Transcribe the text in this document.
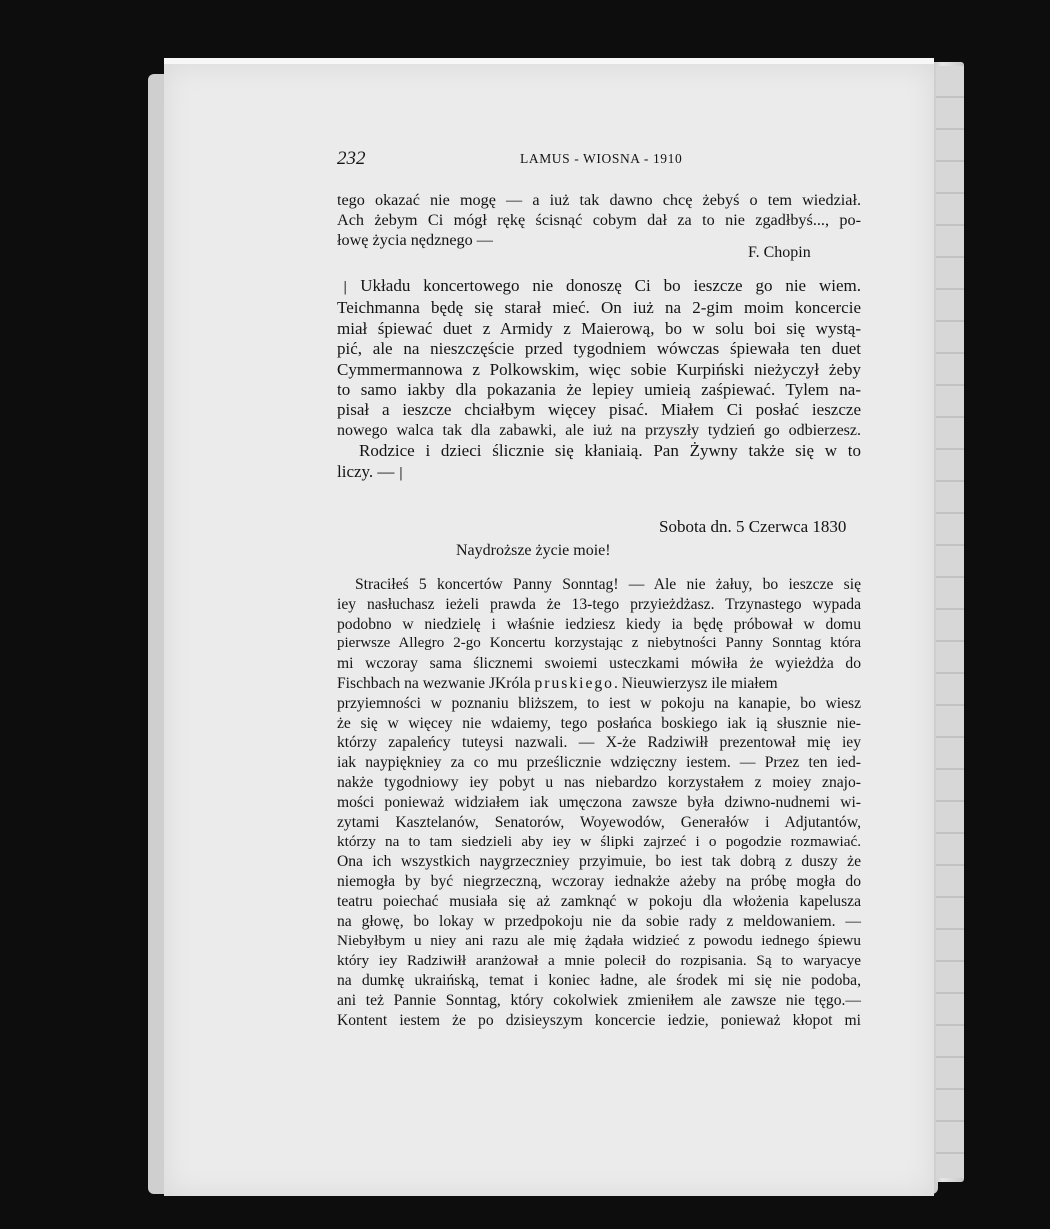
232	LAMUS - WIOSNA - 1910
tego okazać nie mogę — a iuż tak dawno chcę żebyś o tem wiedział.
Ach żebym Ci mógł rękę ścisnąć cobym dał za to nie zgadłbyś..., po-
łowę życia nędznego —
F. Chopin
| Układu koncertowego nie donoszę Ci bo ieszcze go nie wiem.
Teichmanna będę się starał mieć. On iuż na 2-gim moim koncercie
miał śpiewać duet z Armidy z Maierową, bo w solu boi się wystą-
pić, ale na nieszczęście przed tygodniem wówczas śpiewała ten duet
Cymmermannowa z Polkowskim, więc sobie Kurpiński nieżyczył żeby
to samo iakby dla pokazania że lepiey umieią zaśpiewać. Tylem na-
pisał a ieszcze chciałbym więcey pisać. Miałem Ci posłać ieszcze
nowego walca tak dla zabawki, ale iuż na przyszły tydzień go odbierzesz.
Rodzice i dzieci ślicznie się kłaniaią. Pan Żywny także się w to
liczy. — |
Sobota dn. 5 Czerwca 1830
Naydroższe życie moie!
Straciłeś 5 koncertów Panny Sonntag! — Ale nie żałuy, bo ieszcze się
iey nasłuchasz ieżeli prawda że 13-tego przyieżdżasz. Trzynastego wypada
podobno w niedzielę i właśnie iedziesz kiedy ia będę próbował w domu
pierwsze Allegro 2-go Koncertu korzystając z niebytności Panny Sonntag która
mi wczoray sama ślicznemi swoiemi usteczkami mówiła że wyieżdża do
Fischbach na wezwanie JKróla pruskiego. Nieuwierzysz ile miałem
przyiemności w poznaniu bliższem, to iest w pokoju na kanapie, bo wiesz
że się w więcey nie wdaiemy, tego posłańca boskiego iak ią słusznie nie-
którzy zapaleńcy tuteysi nazwali. — X-że Radziwiłł prezentował mię iey
iak naypiękniey za co mu prześlicznie wdzięczny iestem. — Przez ten ied-
nakże tygodniowy iey pobyt u nas niebardzo korzystałem z moiey znajo-
mości ponieważ widziałem iak umęczona zawsze była dziwno-nudnemi wi-
zytami Kasztelanów, Senatorów, Woyewodów, Generałów i Adjutantów,
którzy na to tam siedzieli aby iey w ślipki zajrzeć i o pogodzie rozmawiać.
Ona ich wszystkich naygrzeczniey przyimuie, bo iest tak dobrą z duszy że
niemogła by być niegrzeczną, wczoray iednakże ażeby na próbę mogła do
teatru poiechać musiała się aż zamknąć w pokoju dla włożenia kapelusza
na głowę, bo lokay w przedpokoju nie da sobie rady z meldowaniem. —
Niebyłbym u niey ani razu ale mię żądała widzieć z powodu iednego śpiewu
który iey Radziwiłł aranżował a mnie polecił do rozpisania. Są to waryacye
na dumkę ukraińską, temat i koniec ładne, ale środek mi się nie podoba,
ani też Pannie Sonntag, który cokolwiek zmieniłem ale zawsze nie tęgo.—
Kontent iestem że po dzisieyszym koncercie iedzie, ponieważ kłopot mi
